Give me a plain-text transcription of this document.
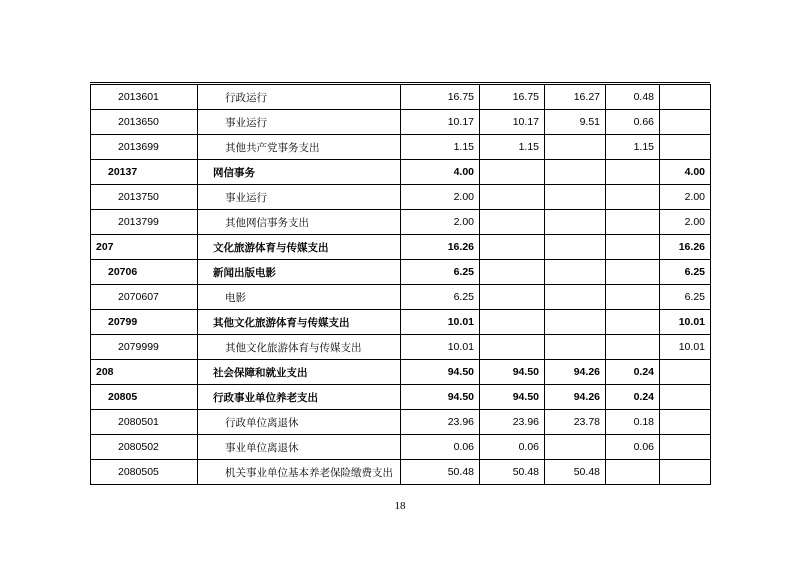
2013601	行政运行	16.75	16.75	16.27	0.48	
2013650	事业运行	10.17	10.17	9.51	0.66	
2013699	其他共产党事务支出	1.15	1.15		1.15	
20137	网信事务	4.00				4.00
2013750	事业运行	2.00				2.00
2013799	其他网信事务支出	2.00				2.00
207	文化旅游体育与传媒支出	16.26				16.26
20706	新闻出版电影	6.25				6.25
2070607	电影	6.25				6.25
20799	其他文化旅游体育与传媒支出	10.01				10.01
2079999	其他文化旅游体育与传媒支出	10.01				10.01
208	社会保障和就业支出	94.50	94.50	94.26	0.24	
20805	行政事业单位养老支出	94.50	94.50	94.26	0.24	
2080501	行政单位离退休	23.96	23.96	23.78	0.18	
2080502	事业单位离退休	0.06	0.06		0.06	
2080505	机关事业单位基本养老保险缴费支出	50.48	50.48	50.48		
18
